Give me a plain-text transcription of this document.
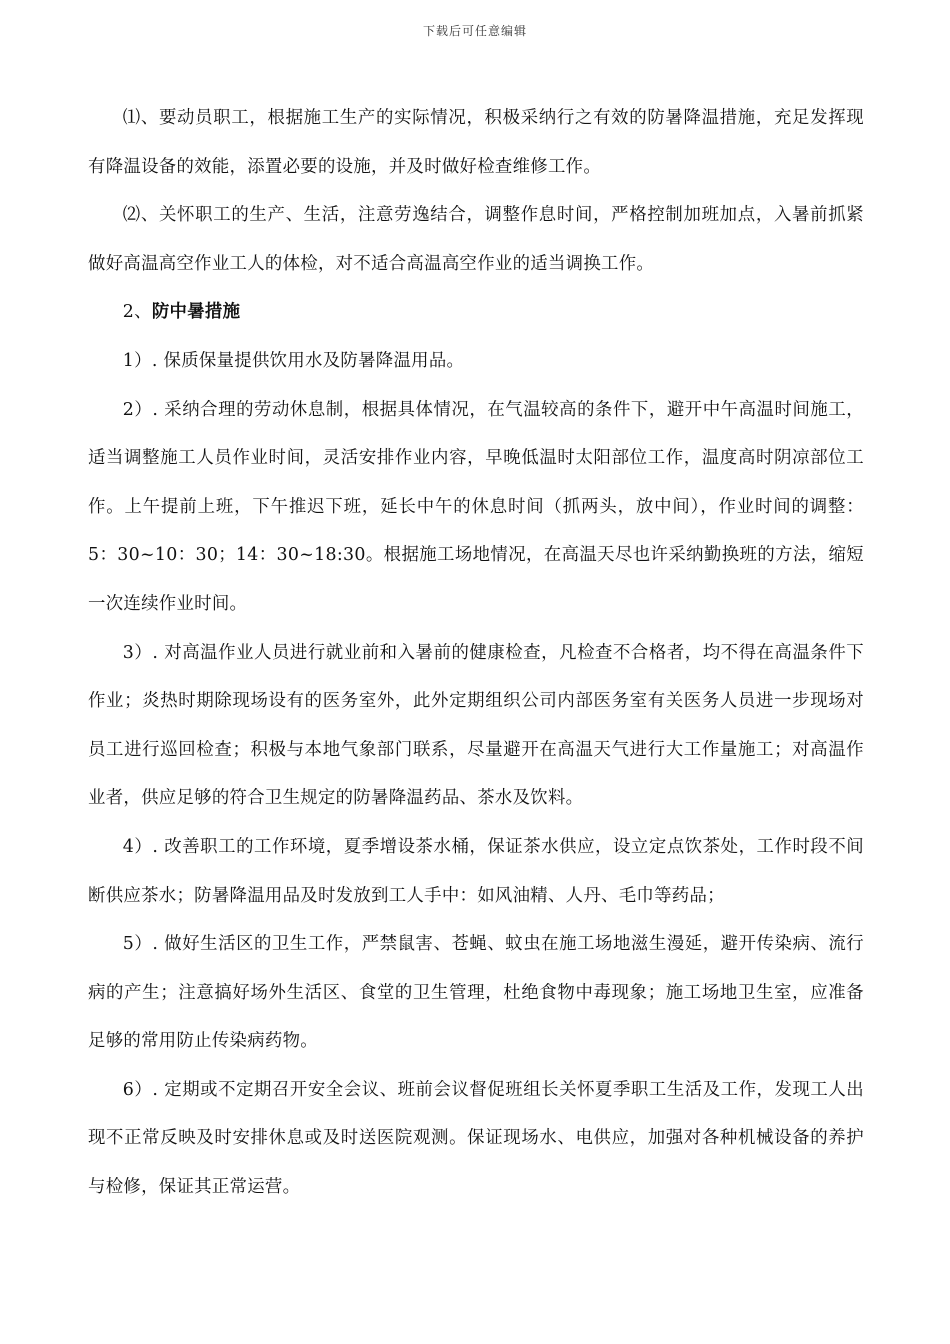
下载后可任意编辑

⑴、要动员职工，根据施工生产的实际情况，积极采纳行之有效的防暑降温措施，充足发挥现有降温设备的效能，添置必要的设施，并及时做好检查维修工作。

⑵、关怀职工的生产、生活，注意劳逸结合，调整作息时间，严格控制加班加点，入暑前抓紧做好高温高空作业工人的体检，对不适合高温高空作业的适当调换工作。

2、防中暑措施

1）. 保质保量提供饮用水及防暑降温用品。

2）. 采纳合理的劳动休息制，根据具体情况，在气温较高的条件下，避开中午高温时间施工，适当调整施工人员作业时间，灵活安排作业内容，早晚低温时太阳部位工作，温度高时阴凉部位工作。上午提前上班，下午推迟下班，延长中午的休息时间（抓两头，放中间），作业时间的调整：5：30~10：30；14：30~18:30。根据施工场地情况，在高温天尽也许采纳勤换班的方法，缩短一次连续作业时间。

3）. 对高温作业人员进行就业前和入暑前的健康检查，凡检查不合格者，均不得在高温条件下作业；炎热时期除现场设有的医务室外，此外定期组织公司内部医务室有关医务人员进一步现场对员工进行巡回检查；积极与本地气象部门联系，尽量避开在高温天气进行大工作量施工；对高温作业者，供应足够的符合卫生规定的防暑降温药品、茶水及饮料。

4）. 改善职工的工作环境，夏季增设茶水桶，保证茶水供应，设立定点饮茶处，工作时段不间断供应茶水；防暑降温用品及时发放到工人手中：如风油精、人丹、毛巾等药品；

5）. 做好生活区的卫生工作，严禁鼠害、苍蝇、蚊虫在施工场地滋生漫延，避开传染病、流行病的产生；注意搞好场外生活区、食堂的卫生管理，杜绝食物中毒现象；施工场地卫生室，应准备足够的常用防止传染病药物。

6）. 定期或不定期召开安全会议、班前会议督促班组长关怀夏季职工生活及工作，发现工人出现不正常反映及时安排休息或及时送医院观测。保证现场水、电供应，加强对各种机械设备的养护与检修，保证其正常运营。
